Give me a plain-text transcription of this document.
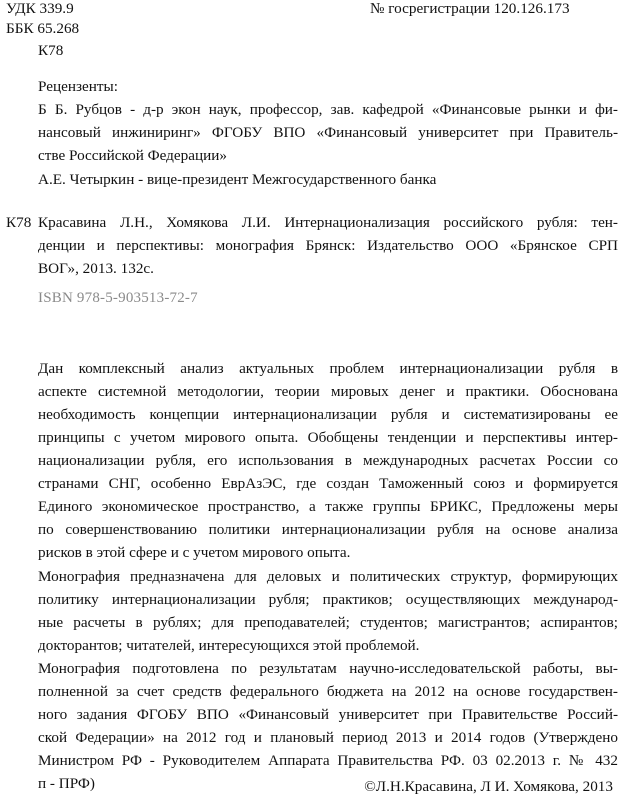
УДК 339.9
ББК 65.268
К78
№ госрегистрации 120.126.173
Рецензенты:
Б Б. Рубцов - д-р экон наук, профессор, зав. кафедрой «Финансовые рынки и фи-
нансовый инжиниринг» ФГОБУ ВПО «Финансовый университет при Правитель-
стве Российской Федерации»
А.Е. Четыркин - вице-президент Межгосударственного банка
К78 Красавина Л.Н., Хомякова Л.И. Интернационализация российского рубля: тен-
денции и перспективы: монография Брянск: Издательство ООО «Брянское СРП
ВОГ», 2013. 132с.
ISBN 978-5-903513-72-7
Дан комплексный анализ актуальных проблем интернационализации рубля в
аспекте системной методологии, теории мировых денег и практики. Обоснована
необходимость концепции интернационализации рубля и систематизированы ее
принципы с учетом мирового опыта. Обобщены тенденции и перспективы интер-
национализации рубля, его использования в международных расчетах России со
странами СНГ, особенно ЕврАзЭС, где создан Таможенный союз и формируется
Единого экономическое пространство, а также группы БРИКС, Предложены меры
по совершенствованию политики интернационализации рубля на основе анализа
рисков в этой сфере и с учетом мирового опыта.
Монография предназначена для деловых и политических структур, формирующих
политику интернационализации рубля; практиков; осуществляющих международ-
ные расчеты в рублях; для преподавателей; студентов; магистрантов; аспирантов;
докторантов; читателей, интересующихся этой проблемой.
Монография подготовлена по результатам научно-исследовательской работы, вы-
полненной за счет средств федерального бюджета на 2012 на основе государствен-
ного задания ФГОБУ ВПО «Финансовый университет при Правительстве Россий-
ской Федерации» на 2012 год и плановый период 2013 и 2014 годов (Утверждено
Министром РФ - Руководителем Аппарата Правительства РФ. 03 02.2013 г. № 432
п - ПРФ)	©Л.Н.Красавина, Л И. Хомякова, 2013
